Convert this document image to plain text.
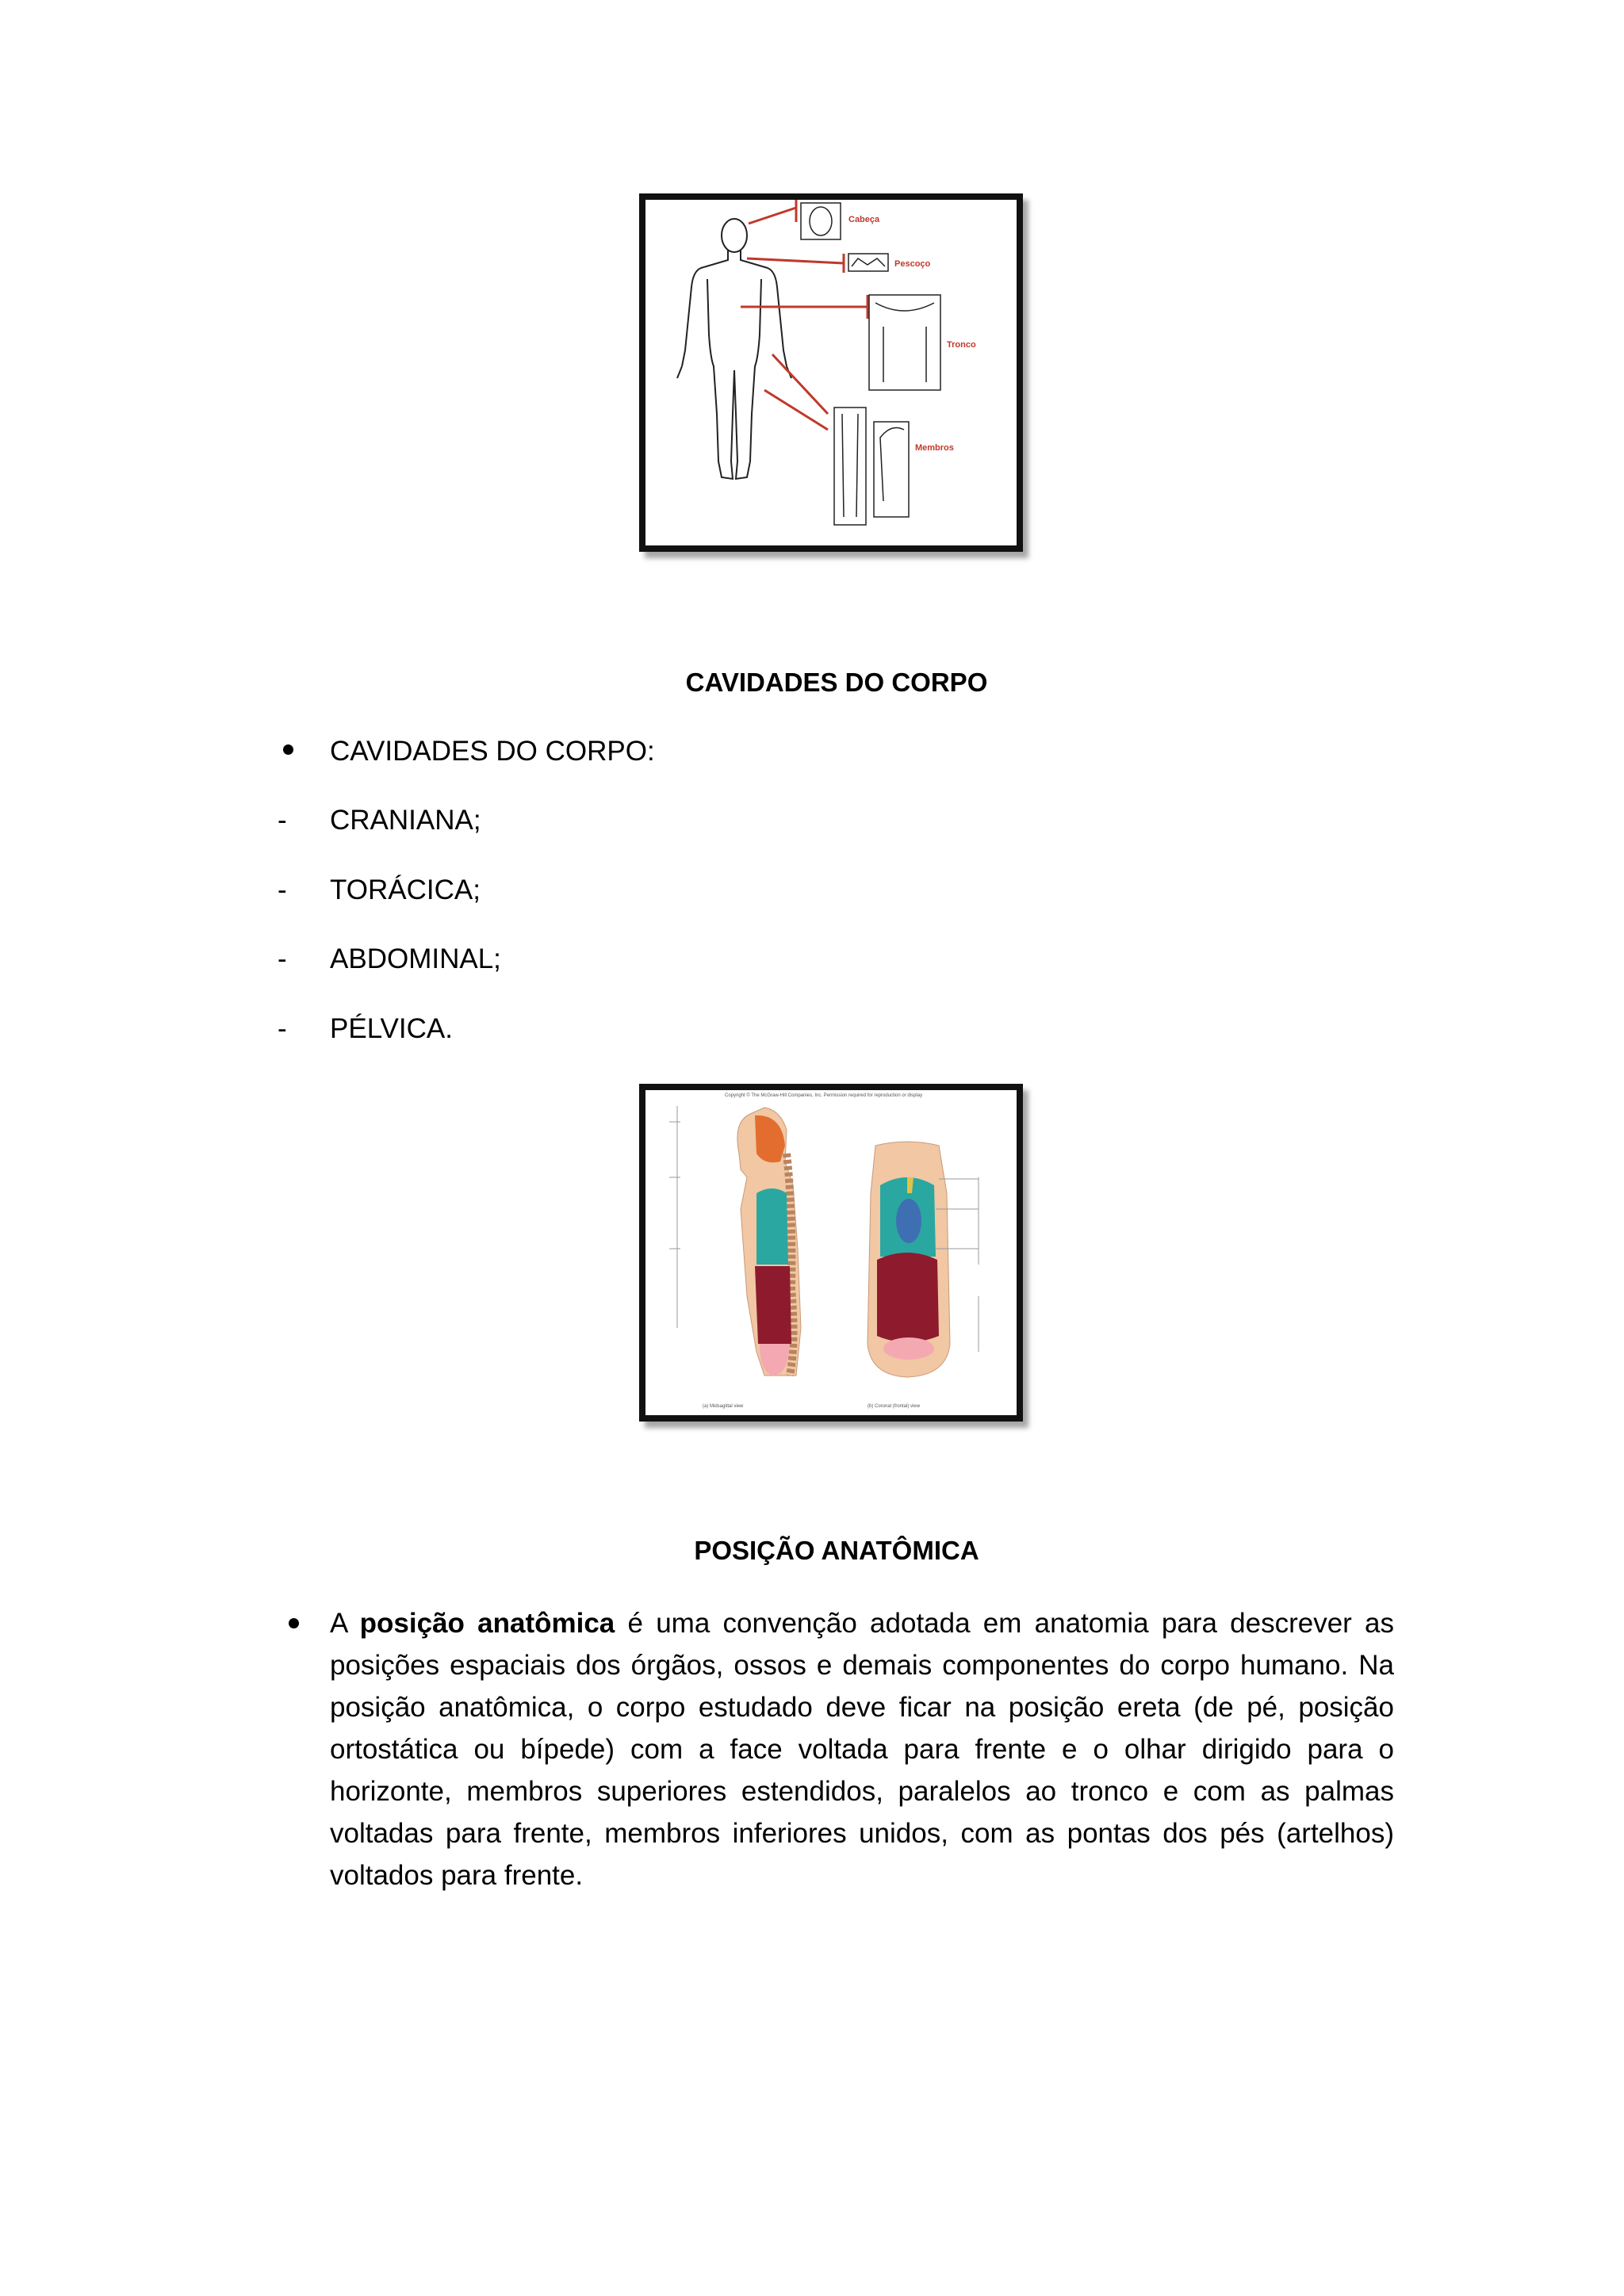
Cabeça
Pescoço
Tronco
Membros
CAVIDADES DO CORPO
CAVIDADES DO CORPO:
- CRANIANA;
- TORÁCICA;
- ABDOMINAL;
- PÉLVICA.
Copyright © The McGraw-Hill Companies, Inc. Permission required for reproduction or display
(a) Midsagittal view	(b) Coronal (frontal) view
POSIÇÃO ANATÔMICA

A posição anatômica é uma convenção adotada em anatomia para descrever as posições espaciais dos órgãos, ossos e demais componentes do corpo humano. Na posição anatômica, o corpo estudado deve ficar na posição ereta (de pé, posição ortostática ou bípede) com a face voltada para frente e o olhar dirigido para o horizonte, membros superiores estendidos, paralelos ao tronco e com as palmas voltadas para frente, membros inferiores unidos, com as pontas dos pés (artelhos) voltados para frente.
